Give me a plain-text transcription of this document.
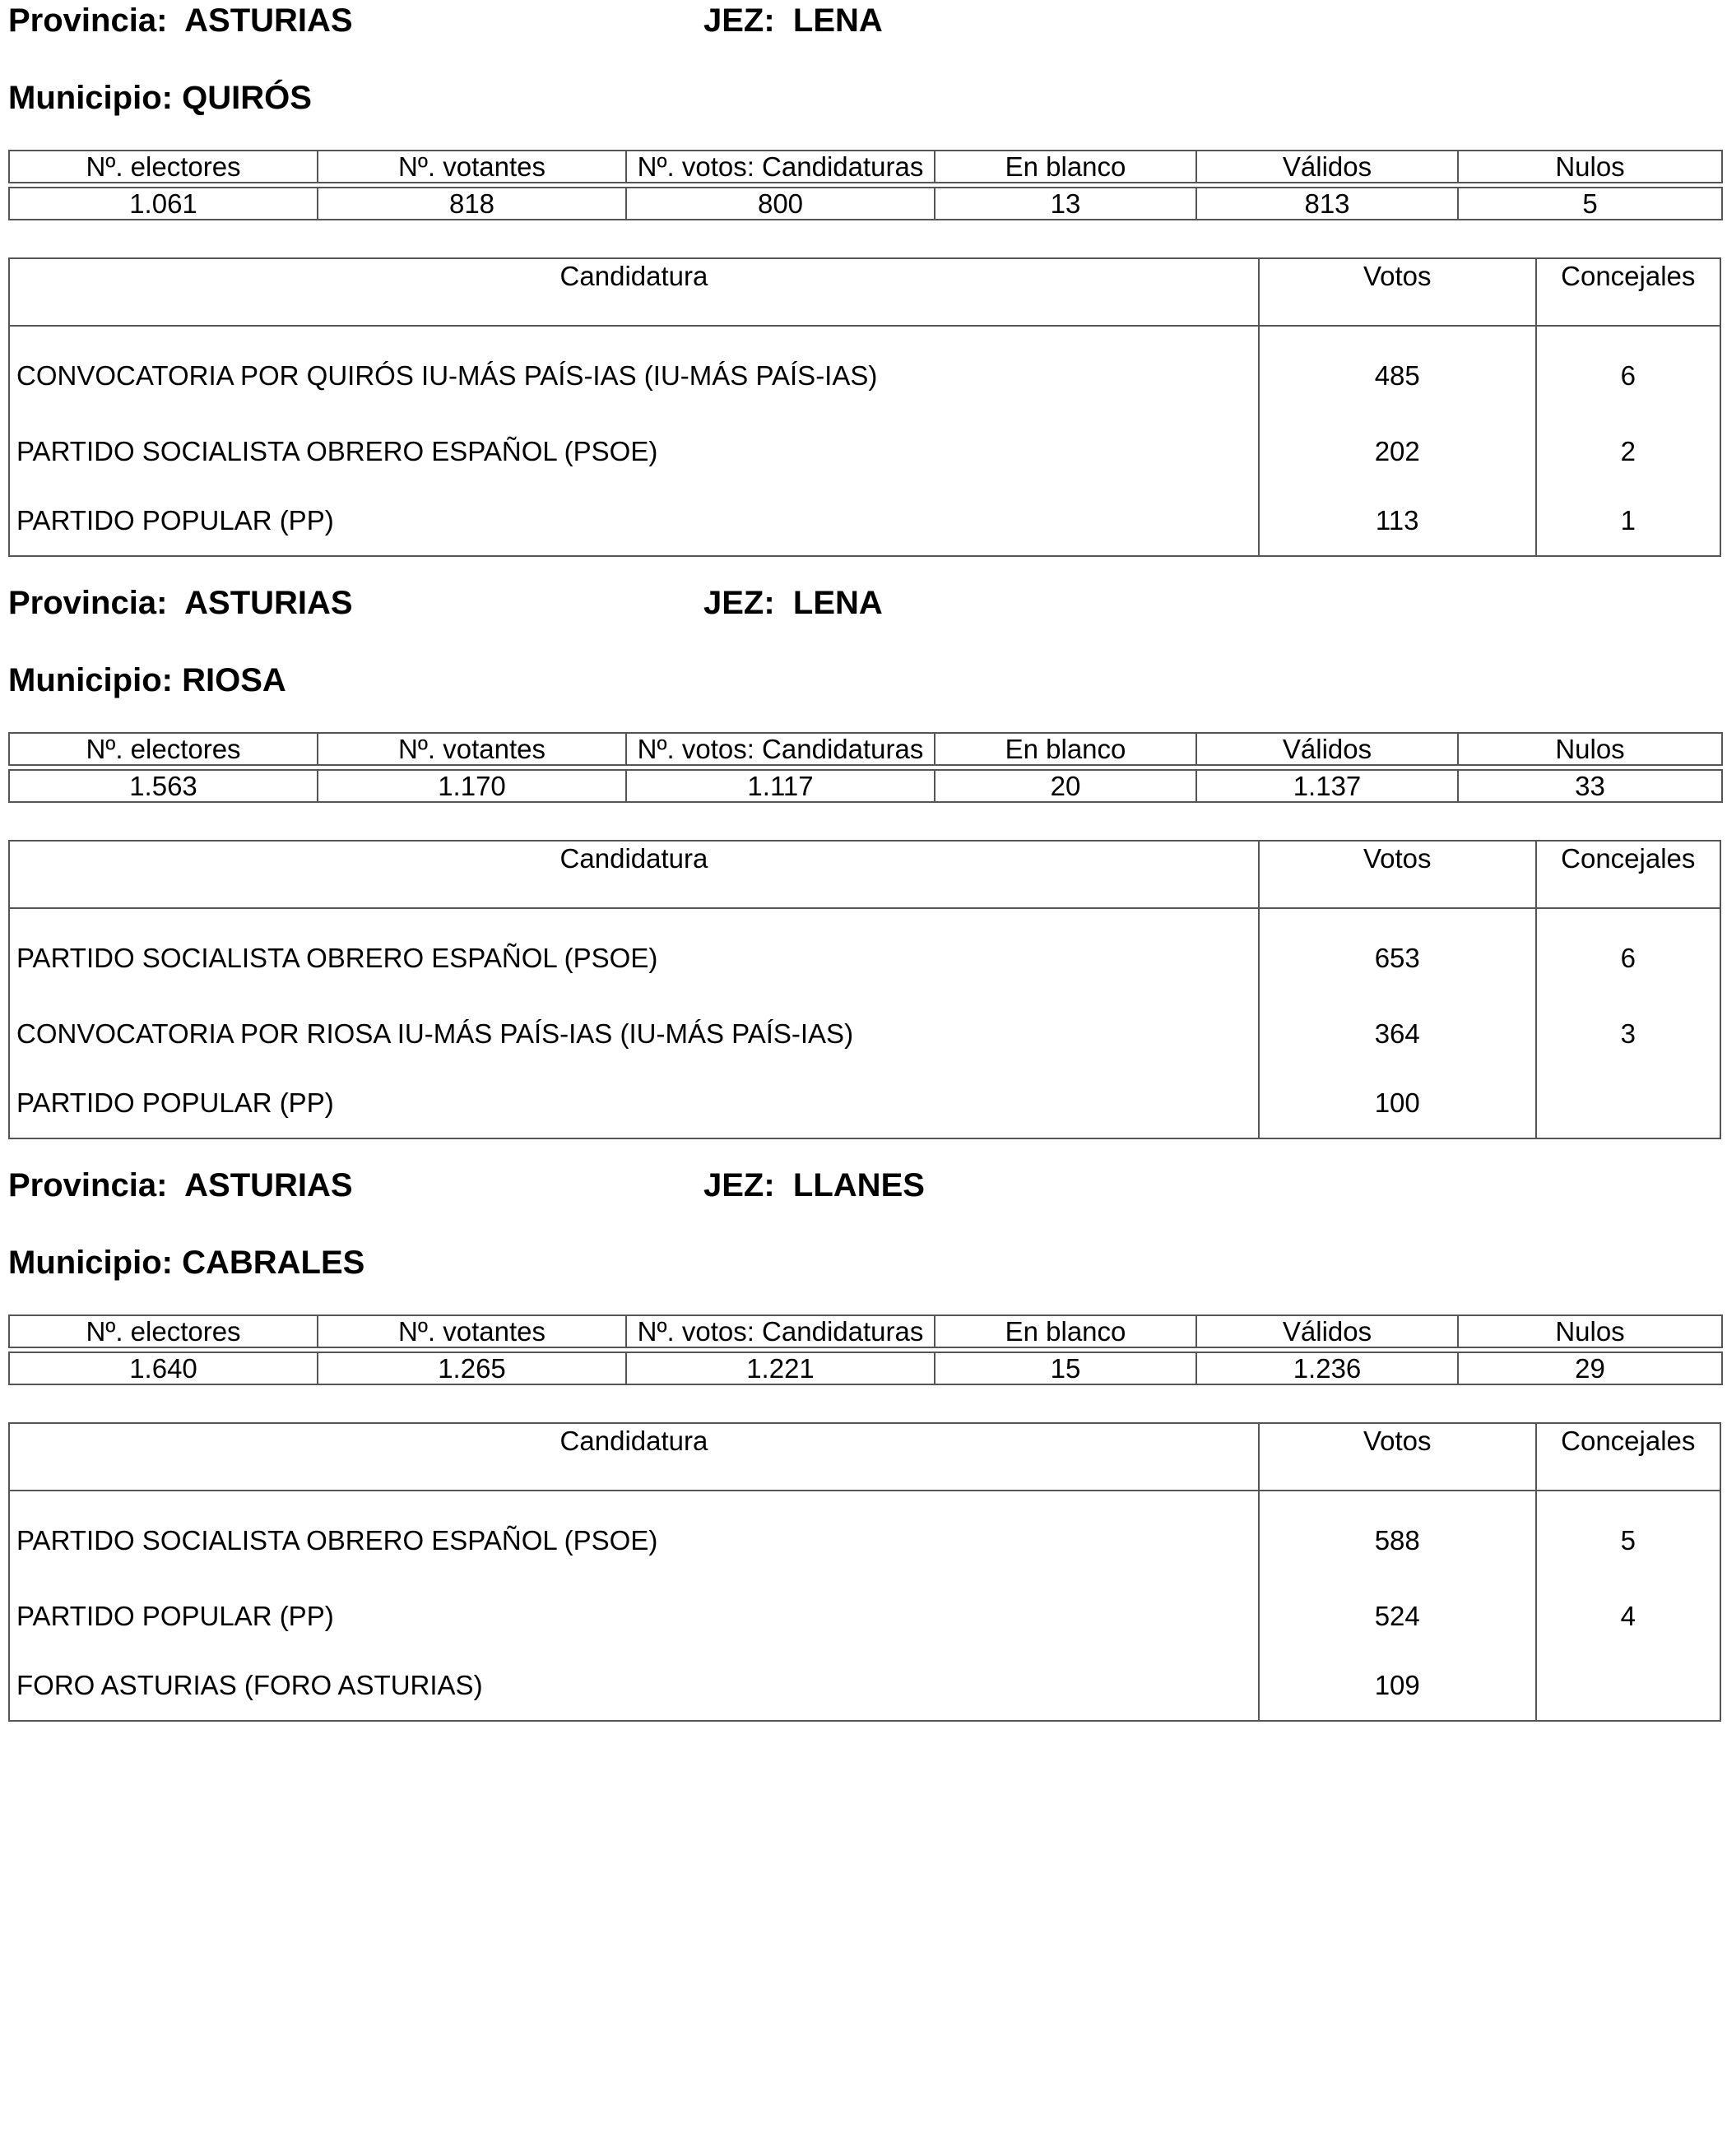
Provincia: ASTURIAS	JEZ: LENA
Municipio: QUIRÓS
Nº. electores	Nº. votantes	Nº. votos: Candidaturas	En blanco	Válidos	Nulos

1.061	818	800	13	813	5
Candidatura	Votos	Concejales
CONVOCATORIA POR QUIRÓS IU-MÁS PAÍS-IAS (IU-MÁS PAÍS-IAS)	485	6
PARTIDO SOCIALISTA OBRERO ESPAÑOL (PSOE)	202	2
PARTIDO POPULAR (PP)	113	1
Provincia: ASTURIAS	JEZ: LENA
Municipio: RIOSA
Nº. electores	Nº. votantes	Nº. votos: Candidaturas	En blanco	Válidos	Nulos

1.563	1.170	1.117	20	1.137	33
Candidatura	Votos	Concejales
PARTIDO SOCIALISTA OBRERO ESPAÑOL (PSOE)	653	6
CONVOCATORIA POR RIOSA IU-MÁS PAÍS-IAS (IU-MÁS PAÍS-IAS)	364	3
PARTIDO POPULAR (PP)	100	
Provincia: ASTURIAS	JEZ: LLANES
Municipio: CABRALES
Nº. electores	Nº. votantes	Nº. votos: Candidaturas	En blanco	Válidos	Nulos

1.640	1.265	1.221	15	1.236	29
Candidatura	Votos	Concejales
PARTIDO SOCIALISTA OBRERO ESPAÑOL (PSOE)	588	5
PARTIDO POPULAR (PP)	524	4
FORO ASTURIAS (FORO ASTURIAS)	109	
